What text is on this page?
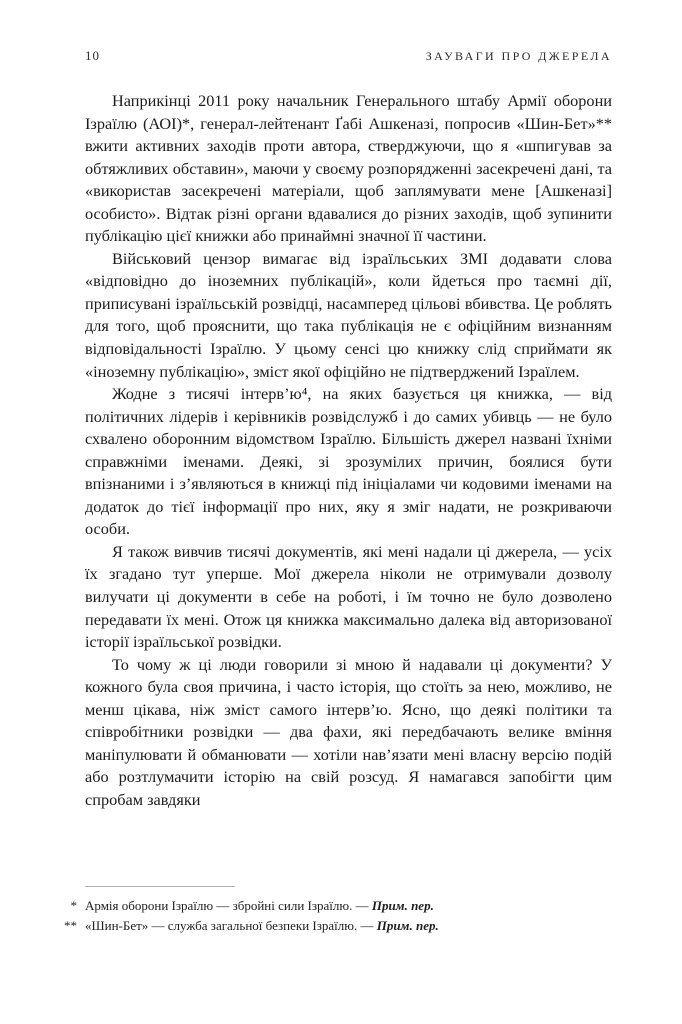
10	ЗАУВАГИ ПРО ДЖЕРЕЛА

Наприкінці 2011 року начальник Генерального штабу Армії оборони Ізраїлю (АОІ)*, генерал-лейтенант Ґабі Ашкеназі, попросив «Шин-Бет»** вжити активних заходів проти автора, стверджуючи, що я «шпигував за обтяжливих обставин», маючи у своєму розпорядженні засекречені дані, та «використав засекречені матеріали, щоб заплямувати мене [Ашкеназі] особисто». Відтак різні органи вдавалися до різних заходів, щоб зупинити публікацію цієї книжки або принаймні значної її частини.

Військовий цензор вимагає від ізраїльських ЗМІ додавати слова «відповідно до іноземних публікацій», коли йдеться про таємні дії, приписувані ізраїльській розвідці, насамперед цільові вбивства. Це роблять для того, щоб прояснити, що така публікація не є офіційним визнанням відповідальності Ізраїлю. У цьому сенсі цю книжку слід сприймати як «іноземну публікацію», зміст якої офіційно не підтверджений Ізраїлем.

Жодне з тисячі інтерв’ю⁴, на яких базується ця книжка, — від політичних лідерів і керівників розвідслужб і до самих убивць — не було схвалено оборонним відомством Ізраїлю. Більшість джерел названі їхніми справжніми іменами. Деякі, зі зрозумілих причин, боялися бути впізнаними і з’являються в книжці під ініціалами чи кодовими іменами на додаток до тієї інформації про них, яку я зміг надати, не розкриваючи особи.

Я також вивчив тисячі документів, які мені надали ці джерела, — усіх їх згадано тут уперше. Мої джерела ніколи не отримували дозволу вилучати ці документи в себе на роботі, і їм точно не було дозволено передавати їх мені. Отож ця книжка максимально далека від авторизованої історії ізраїльської розвідки.

То чому ж ці люди говорили зі мною й надавали ці документи? У кожного була своя причина, і часто історія, що стоїть за нею, можливо, не менш цікава, ніж зміст самого інтерв’ю. Ясно, що деякі політики та співробітники розвідки — два фахи, які передбачають велике вміння маніпулювати й обманювати — хотіли нав’язати мені власну версію подій або розтлумачити історію на свій розсуд. Я намагався запобігти цим спробам завдяки

* Армія оборони Ізраїлю — збройні сили Ізраїлю. — Прим. пер.
** «Шин-Бет» — служба загальної безпеки Ізраїлю. — Прим. пер.
